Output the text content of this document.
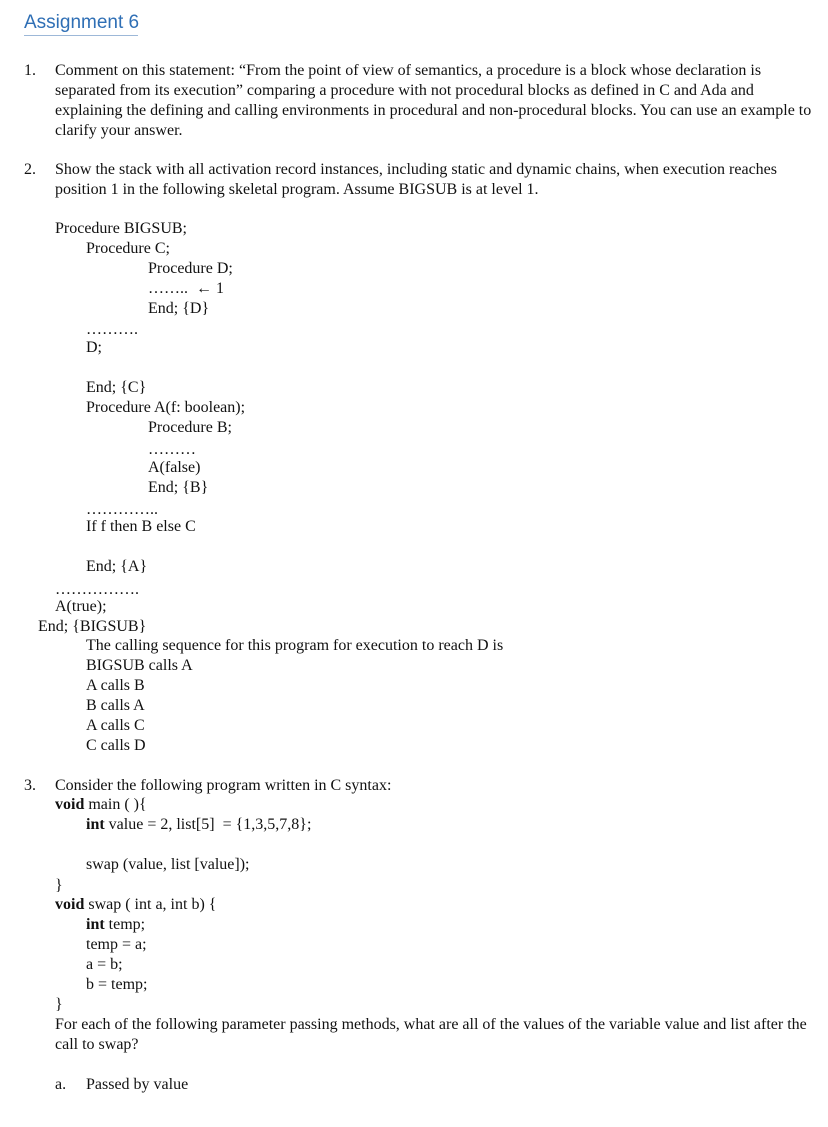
Assignment 6
1. Comment on this statement: “From the point of view of semantics, a procedure is a block whose declaration is separated from its execution” comparing a procedure with not procedural blocks as defined in C and Ada and explaining the defining and calling environments in procedural and non-procedural blocks. You can use an example to clarify your answer.
2. Show the stack with all activation record instances, including static and dynamic chains, when execution reaches position 1 in the following skeletal program. Assume BIGSUB is at level 1.
Procedure BIGSUB;
Procedure C;
Procedure D;
……..  ← 1
End; {D}
……….
D;
End; {C}
Procedure A(f: boolean);
Procedure B;
………
A(false)
End; {B}
…………..
If f then B else C
End; {A}
…………….
A(true);
End; {BIGSUB}
The calling sequence for this program for execution to reach D is
BIGSUB calls A
A calls B
B calls A
A calls C
C calls D
3. Consider the following program written in C syntax:
void main ( ){
int value = 2, list[5]  = {1,3,5,7,8};
swap (value, list [value]);
}
void swap ( int a, int b) {
int temp;
temp = a;
a = b;
b = temp;
}
For each of the following parameter passing methods, what are all of the values of the variable value and list after the call to swap?
a. Passed by value
